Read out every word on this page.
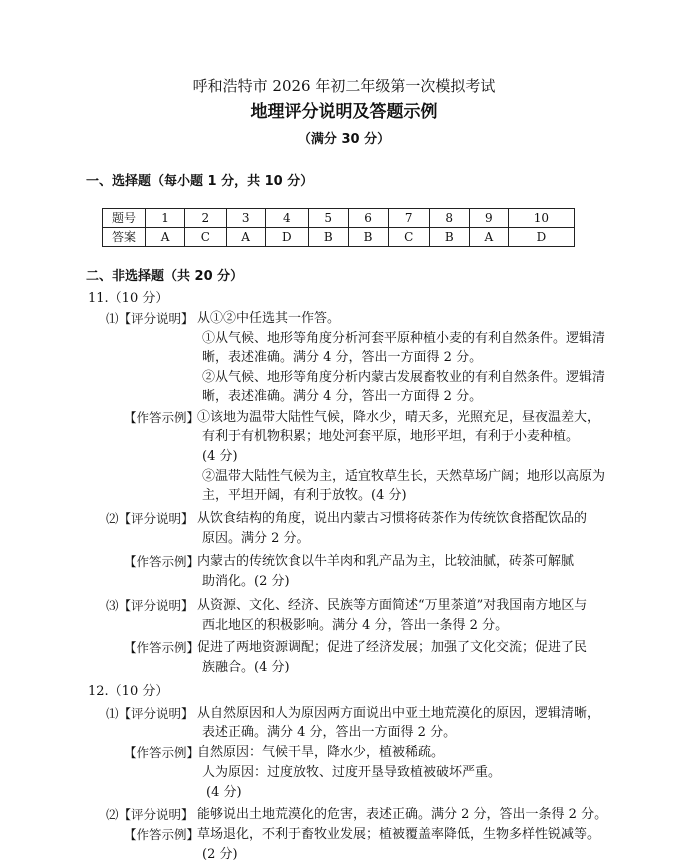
呼和浩特市 2026 年初二年级第一次模拟考试
地理评分说明及答题示例
（满分 30 分）
一、选择题（每小题 1 分，共 10 分）
题号	1	2	3	4	5	6	7	8	9	10
答案	A	C	A	D	B	B	C	B	A	D
二、非选择题（共 20 分）
11.（10 分）
⑴【评分说明】 从①②中任选其一作答。
①从气候、地形等角度分析河套平原种植小麦的有利自然条件。逻辑清
晰，表述准确。满分 4 分，答出一方面得 2 分。
②从气候、地形等角度分析内蒙古发展畜牧业的有利自然条件。逻辑清
晰，表述准确。满分 4 分，答出一方面得 2 分。
【作答示例】
①该地为温带大陆性气候，降水少，晴天多，光照充足，昼夜温差大，
有利于有机物积累；地处河套平原，地形平坦，有利于小麦种植。
(4 分)
②温带大陆性气候为主，适宜牧草生长，天然草场广阔；地形以高原为
主，平坦开阔，有利于放牧。(4 分)
⑵【评分说明】 从饮食结构的角度，说出内蒙古习惯将砖茶作为传统饮食搭配饮品的
原因。满分 2 分。
【作答示例】
内蒙古的传统饮食以牛羊肉和乳产品为主，比较油腻，砖茶可解腻
助消化。(2 分)
⑶【评分说明】 从资源、文化、经济、民族等方面简述“万里茶道”对我国南方地区与
西北地区的积极影响。满分 4 分，答出一条得 2 分。
【作答示例】
促进了两地资源调配；促进了经济发展；加强了文化交流；促进了民
族融合。(4 分)
12.（10 分）
⑴【评分说明】 从自然原因和人为原因两方面说出中亚土地荒漠化的原因，逻辑清晰，
表述正确。满分 4 分，答出一方面得 2 分。
【作答示例】
自然原因：气候干旱，降水少，植被稀疏。
人为原因：过度放牧、过度开垦导致植被破坏严重。
(4 分)
⑵【评分说明】 能够说出土地荒漠化的危害，表述正确。满分 2 分，答出一条得 2 分。
【作答示例】
草场退化，不利于畜牧业发展；植被覆盖率降低，生物多样性锐减等。
(2 分)
